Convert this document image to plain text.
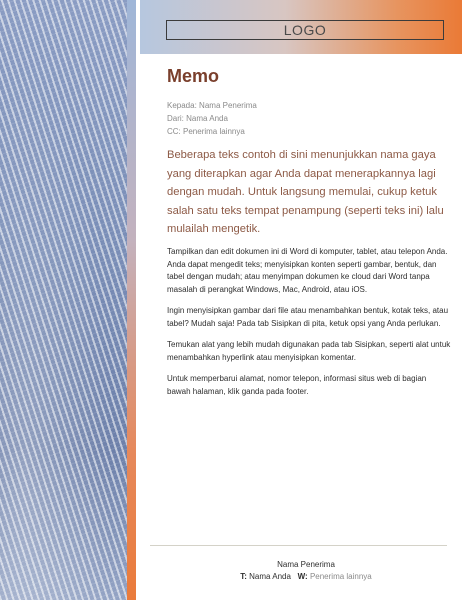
LOGO
Memo
Kepada: Nama Penerima
Dari: Nama Anda
CC: Penerima lainnya
Beberapa teks contoh di sini menunjukkan nama gaya yang diterapkan agar Anda dapat menerapkannya lagi dengan mudah. Untuk langsung memulai, cukup ketuk salah satu teks tempat penampung (seperti teks ini) lalu mulailah mengetik.

Tampilkan dan edit dokumen ini di Word di komputer, tablet, atau telepon Anda. Anda dapat mengedit teks; menyisipkan konten seperti gambar, bentuk, dan tabel dengan mudah; atau menyimpan dokumen ke cloud dari Word tanpa masalah di perangkat Windows, Mac, Android, atau iOS.

Ingin menyisipkan gambar dari file atau menambahkan bentuk, kotak teks, atau tabel? Mudah saja! Pada tab Sisipkan di pita, ketuk opsi yang Anda perlukan.

Temukan alat yang lebih mudah digunakan pada tab Sisipkan, seperti alat untuk menambahkan hyperlink atau menyisipkan komentar.

Untuk memperbarui alamat, nomor telepon, informasi situs web di bagian bawah halaman, klik ganda pada footer.

Nama Penerima
T: Nama Anda W: Penerima lainnya
